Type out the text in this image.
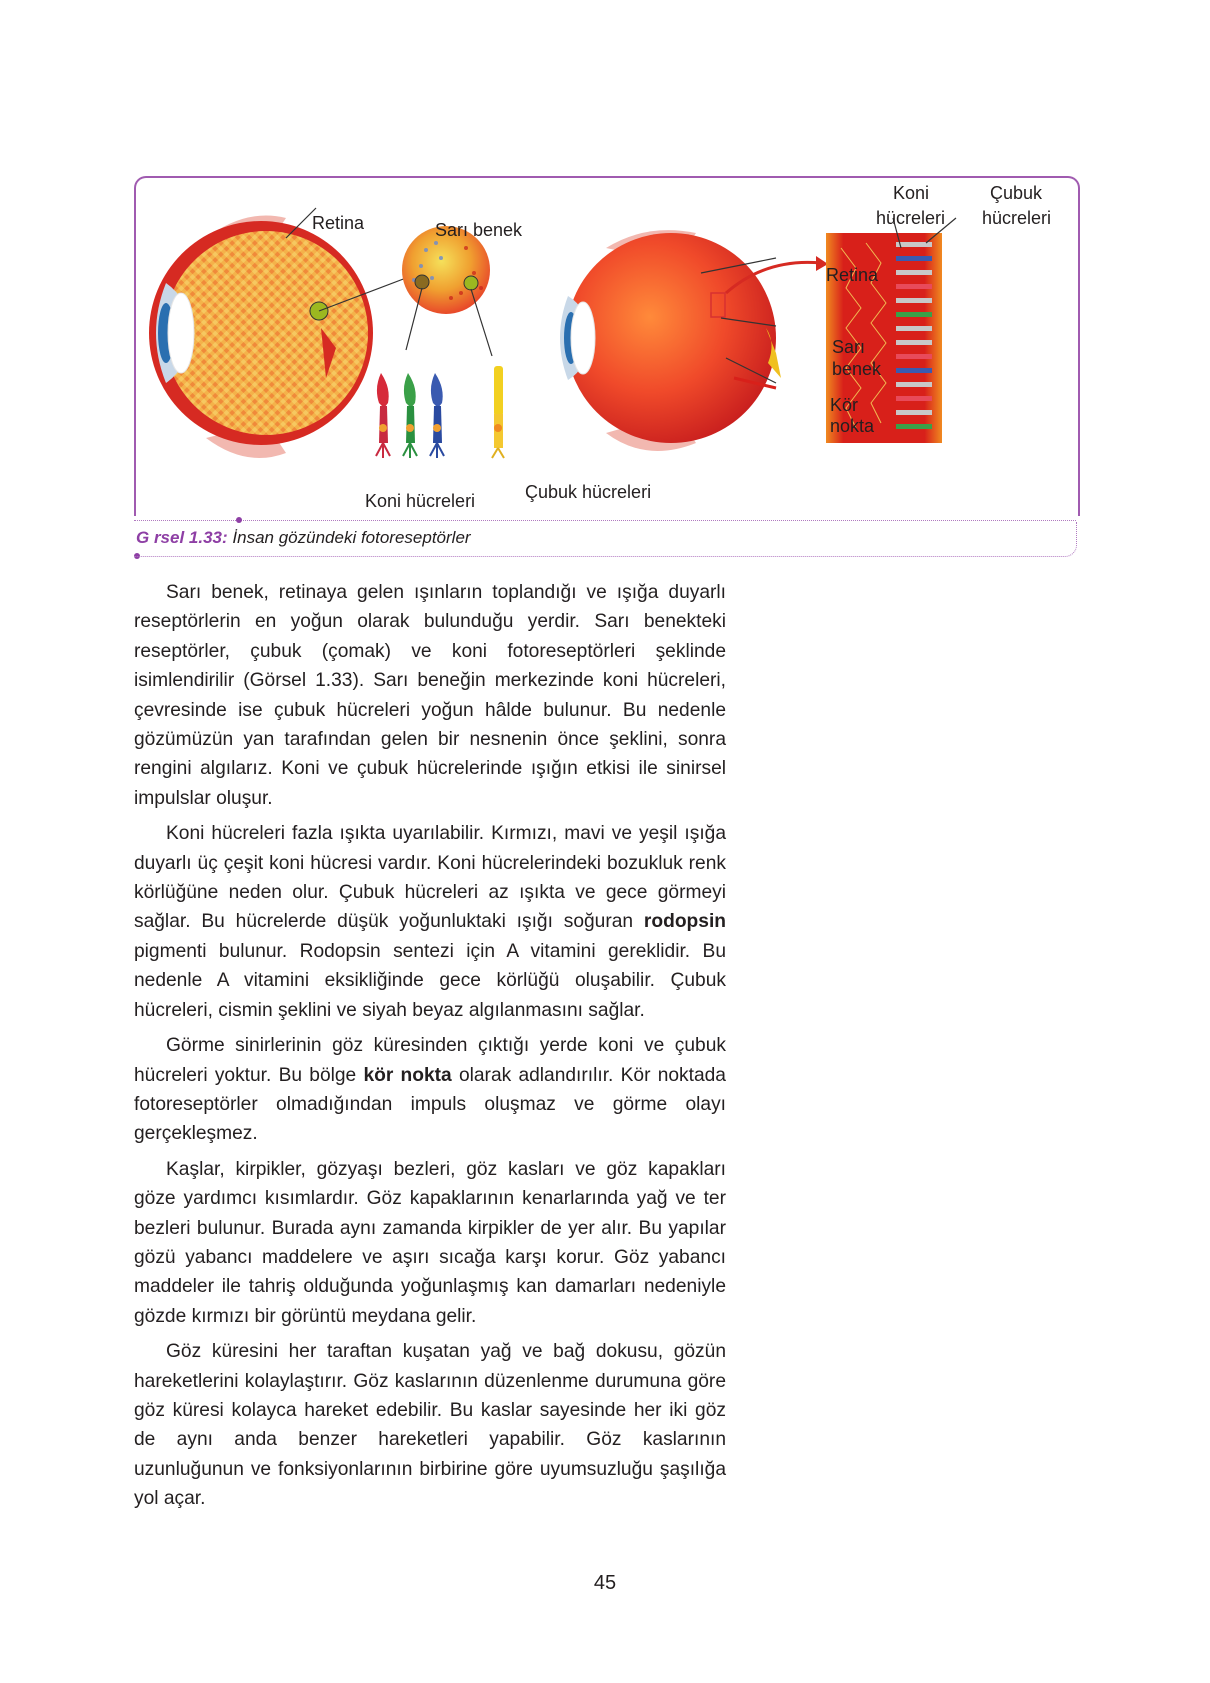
Retina	Sarı benek
Koni
hücreleri
Çubuk
hücreleri
Retina
Sarı
benek
Kör
nokta
Koni hücreleri	Çubuk hücreleri
G rsel 1.33: İnsan gözündeki fotoreseptörler

Sarı benek, retinaya gelen ışınların toplandığı ve ışığa duyarlı reseptörlerin en yoğun olarak bulunduğu yerdir. Sarı benekteki reseptörler, çubuk (çomak) ve koni fotoreseptörleri şeklinde isimlendirilir (Görsel 1.33). Sarı beneğin merkezinde koni hücreleri, çevresinde ise çubuk hücreleri yoğun hâlde bulunur. Bu nedenle gözümüzün yan tarafından gelen bir nesnenin önce şeklini, sonra rengini algılarız. Koni ve çubuk hücrelerinde ışığın etkisi ile sinirsel impulslar oluşur.

Koni hücreleri fazla ışıkta uyarılabilir. Kırmızı, mavi ve yeşil ışığa duyarlı üç çeşit koni hücresi vardır. Koni hücrelerindeki bozukluk renk körlüğüne neden olur. Çubuk hücreleri az ışıkta ve gece görmeyi sağlar. Bu hücrelerde düşük yoğunluktaki ışığı soğuran rodopsin pigmenti bulunur. Rodopsin sentezi için A vitamini gereklidir. Bu nedenle A vitamini eksikliğinde gece körlüğü oluşabilir. Çubuk hücreleri, cismin şeklini ve siyah beyaz algılanmasını sağlar.

Görme sinirlerinin göz küresinden çıktığı yerde koni ve çubuk hücreleri yoktur. Bu bölge kör nokta olarak adlandırılır. Kör noktada fotoreseptörler olmadığından impuls oluşmaz ve görme olayı gerçekleşmez.

Kaşlar, kirpikler, gözyaşı bezleri, göz kasları ve göz kapakları göze yardımcı kısımlardır. Göz kapaklarının kenarlarında yağ ve ter bezleri bulunur. Burada aynı zamanda kirpikler de yer alır. Bu yapılar gözü yabancı maddelere ve aşırı sıcağa karşı korur. Göz yabancı maddeler ile tahriş olduğunda yoğunlaşmış kan damarları nedeniyle gözde kırmızı bir görüntü meydana gelir.

Göz küresini her taraftan kuşatan yağ ve bağ dokusu, gözün hareketlerini kolaylaştırır. Göz kaslarının düzenlenme durumuna göre göz küresi kolayca hareket edebilir. Bu kaslar sayesinde her iki göz de aynı anda benzer hareketleri yapabilir. Göz kaslarının uzunluğunun ve fonksiyonlarının birbirine göre uyumsuzluğu şaşılığa yol açar.

45
